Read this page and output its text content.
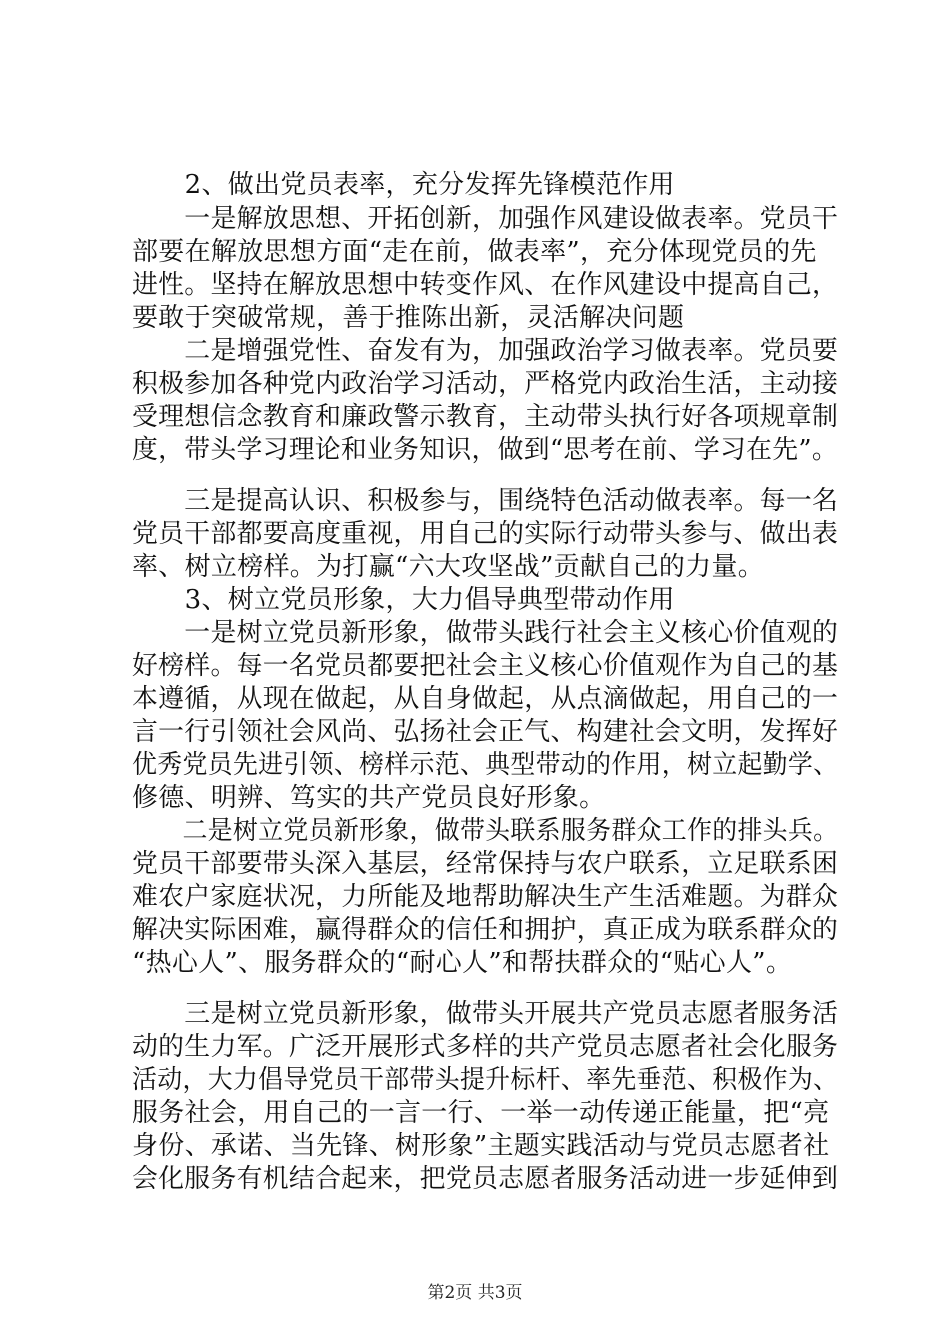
　　2、做出党员表率，充分发挥先锋模范作用
　　一是解放思想、开拓创新，加强作风建设做表率。党员干
部要在解放思想方面“走在前，做表率”，充分体现党员的先
进性。坚持在解放思想中转变作风、在作风建设中提高自己，
要敢于突破常规，善于推陈出新，灵活解决问题
　　二是增强党性、奋发有为，加强政治学习做表率。党员要
积极参加各种党内政治学习活动，严格党内政治生活，主动接
受理想信念教育和廉政警示教育，主动带头执行好各项规章制
度，带头学习理论和业务知识，做到“思考在前、学习在先”。
　　三是提高认识、积极参与，围绕特色活动做表率。每一名
党员干部都要高度重视，用自己的实际行动带头参与、做出表
率、树立榜样。为打赢“六大攻坚战”贡献自己的力量。
　　3、树立党员形象，大力倡导典型带动作用
　　一是树立党员新形象，做带头践行社会主义核心价值观的
好榜样。每一名党员都要把社会主义核心价值观作为自己的基
本遵循，从现在做起，从自身做起，从点滴做起，用自己的一
言一行引领社会风尚、弘扬社会正气、构建社会文明，发挥好
优秀党员先进引领、榜样示范、典型带动的作用，树立起勤学、
修德、明辨、笃实的共产党员良好形象。
　　二是树立党员新形象，做带头联系服务群众工作的排头兵。
党员干部要带头深入基层，经常保持与农户联系，立足联系困
难农户家庭状况，力所能及地帮助解决生产生活难题。为群众
解决实际困难，赢得群众的信任和拥护，真正成为联系群众的
“热心人”、服务群众的“耐心人”和帮扶群众的“贴心人”。
　　三是树立党员新形象，做带头开展共产党员志愿者服务活
动的生力军。广泛开展形式多样的共产党员志愿者社会化服务
活动，大力倡导党员干部带头提升标杆、率先垂范、积极作为、
服务社会，用自己的一言一行、一举一动传递正能量，把“亮
身份、承诺、当先锋、树形象”主题实践活动与党员志愿者社
会化服务有机结合起来，把党员志愿者服务活动进一步延伸到
第2页 共3页
